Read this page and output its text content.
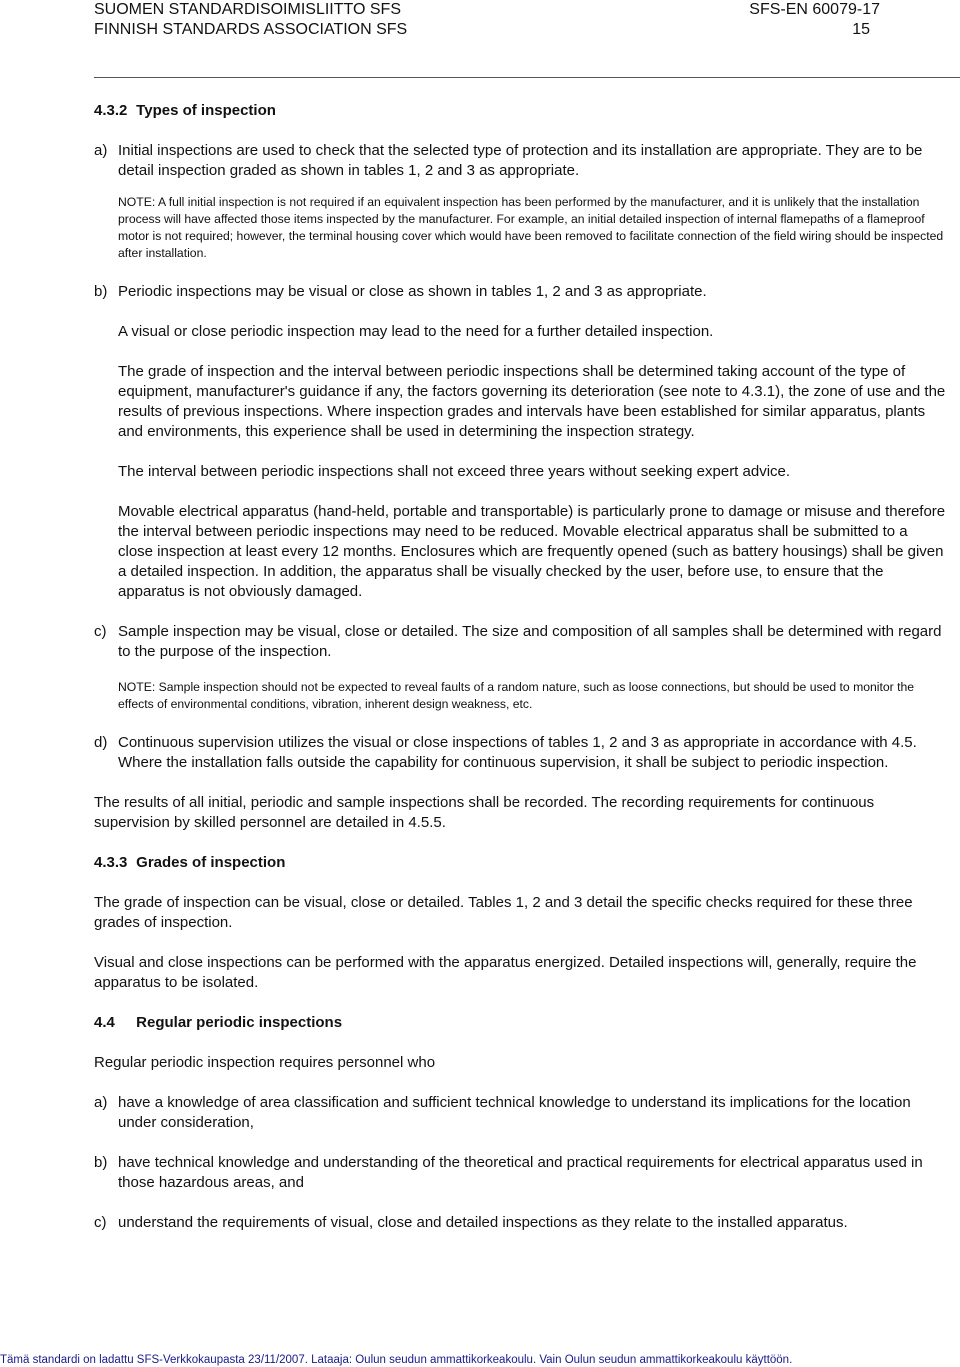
SUOMEN STANDARDISOIMISLIITTO SFS	SFS-EN 60079-17
FINNISH STANDARDS ASSOCIATION SFS	15
4.3.2 Types of inspection
a) Initial inspections are used to check that the selected type of protection and its installation are appropriate. They are to be detail inspection graded as shown in tables 1, 2 and 3 as appropriate.

NOTE: A full initial inspection is not required if an equivalent inspection has been performed by the manufacturer, and it is unlikely that the installation process will have affected those items inspected by the manufacturer. For example, an initial detailed inspection of internal flamepaths of a flameproof motor is not required; however, the terminal housing cover which would have been removed to facilitate connection of the field wiring should be inspected after installation.

b) Periodic inspections may be visual or close as shown in tables 1, 2 and 3 as appropriate.

A visual or close periodic inspection may lead to the need for a further detailed inspection.

The grade of inspection and the interval between periodic inspections shall be determined taking account of the type of equipment, manufacturer's guidance if any, the factors governing its deterioration (see note to 4.3.1), the zone of use and the results of previous inspections. Where inspection grades and intervals have been established for similar apparatus, plants and environments, this experience shall be used in determining the inspection strategy.

The interval between periodic inspections shall not exceed three years without seeking expert advice.

Movable electrical apparatus (hand-held, portable and transportable) is particularly prone to damage or misuse and therefore the interval between periodic inspections may need to be reduced. Movable electrical apparatus shall be submitted to a close inspection at least every 12 months. Enclosures which are frequently opened (such as battery housings) shall be given a detailed inspection. In addition, the apparatus shall be visually checked by the user, before use, to ensure that the apparatus is not obviously damaged.

c) Sample inspection may be visual, close or detailed. The size and composition of all samples shall be determined with regard to the purpose of the inspection.

NOTE: Sample inspection should not be expected to reveal faults of a random nature, such as loose connections, but should be used to monitor the effects of environmental conditions, vibration, inherent design weakness, etc.

d) Continuous supervision utilizes the visual or close inspections of tables 1, 2 and 3 as appropriate in accordance with 4.5. Where the installation falls outside the capability for continuous supervision, it shall be subject to periodic inspection.

The results of all initial, periodic and sample inspections shall be recorded. The recording requirements for continuous supervision by skilled personnel are detailed in 4.5.5.

4.3.3 Grades of inspection

The grade of inspection can be visual, close or detailed. Tables 1, 2 and 3 detail the specific checks required for these three grades of inspection.

Visual and close inspections can be performed with the apparatus energized. Detailed inspections will, generally, require the apparatus to be isolated.

4.4 Regular periodic inspections

Regular periodic inspection requires personnel who

a) have a knowledge of area classification and sufficient technical knowledge to understand its implications for the location under consideration,

b) have technical knowledge and understanding of the theoretical and practical requirements for electrical apparatus used in those hazardous areas, and

c) understand the requirements of visual, close and detailed inspections as they relate to the installed apparatus.

Tämä standardi on ladattu SFS-Verkkokaupasta 23/11/2007. Lataaja: Oulun seudun ammattikorkeakoulu. Vain Oulun seudun ammattikorkeakoulu käyttöön.
